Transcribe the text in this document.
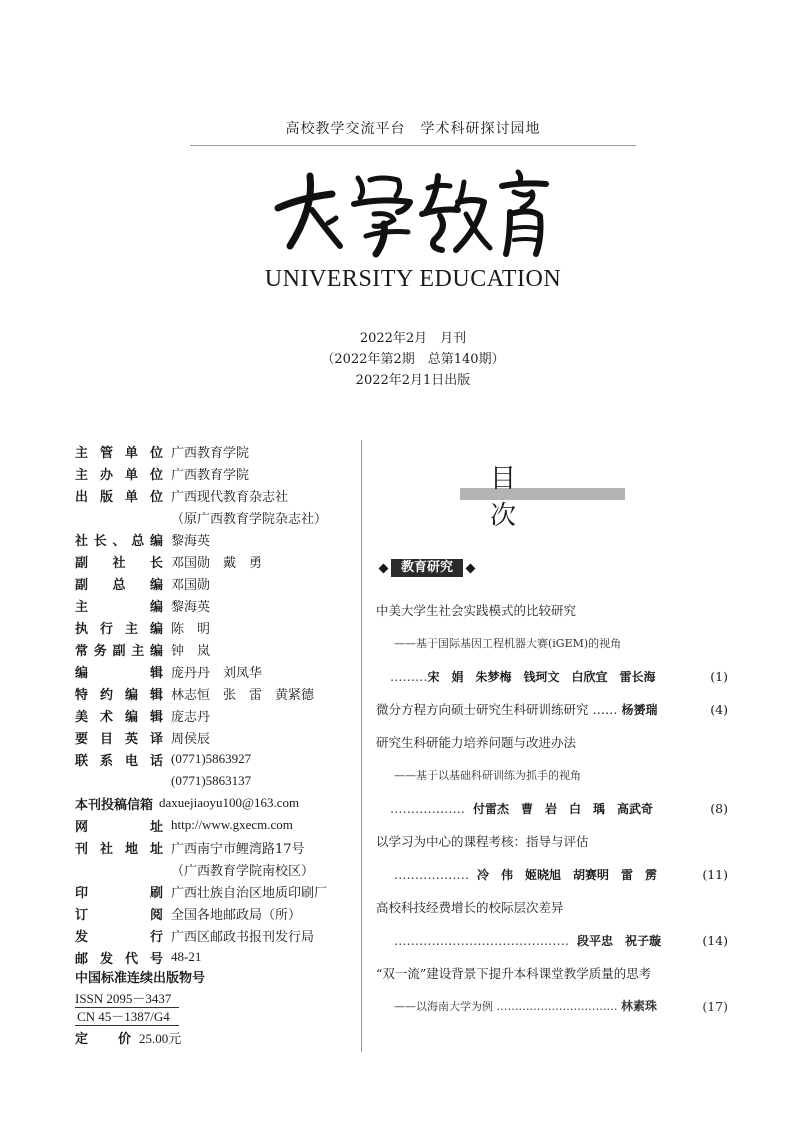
高校教学交流平台　学术科研探讨园地
UNIVERSITY EDUCATION
2022年2月　月刊
（2022年第2期　总第140期）
2022年2月1日出版
主管单位 广西教育学院
主办单位 广西教育学院
出版单位 广西现代教育杂志社
（原广西教育学院杂志社）
社长、总编 黎海英
副社长 邓国勋　戴　勇
副总编 邓国勋
主编 黎海英
执行主编 陈　明
常务副主编 钟　岚
编辑 庞丹丹　刘凤华
特约编辑 林志恒　张　雷　黄紧德
美术编辑 庞志丹
要目英译 周侯辰
联系电话 (0771)5863927
(0771)5863137
本刊投稿信箱 daxuejiaoyu100@163.com
网址 http://www.gxecm.com
刊社地址 广西南宁市鲤湾路17号
（广西教育学院南校区）
印刷 广西壮族自治区地质印刷厂
订阅 全国各地邮政局（所）
发行 广西区邮政书报刊发行局
邮发代号 48-21
中国标准连续出版物号
ISSN 2095－3437
CN 45－1387/G4
定　价 25.00元
目次
教育研究
中美大学生社会实践模式的比较研究
——基于国际基因工程机器大赛(iGEM)的视角
………宋　娟　朱梦梅　钱珂文　白欣宜　雷长海	(1)
微分方程方向硕士研究生科研训练研究 …… 杨赟瑞	(4)
研究生科研能力培养问题与改进办法
——基于以基础科研训练为抓手的视角
……………… 付雷杰　曹　岩　白　瑀　高武奇	(8)
以学习为中心的课程考核：指导与评估
……………… 冷　伟　姬晓旭　胡赛明　雷　雳	(11)
高校科技经费增长的校际层次差异
…………………………………… 段平忠　祝子璇	(14)
“双一流”建设背景下提升本科课堂教学质量的思考
——以海南大学为例 …………………………… 林素珠	(17)
